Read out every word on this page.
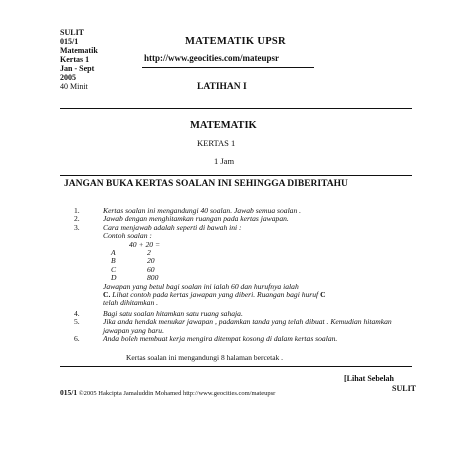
SULIT
015/1
Matematik
Kertas 1
Jan - Sept
2005
40 Minit
MATEMATIK UPSR
http://www.geocities.com/mateupsr
LATIHAN I
MATEMATIK
KERTAS 1
1 Jam
JANGAN BUKA KERTAS SOALAN INI SEHINGGA DIBERITAHU
1.	Kertas soalan ini mengandungi 40 soalan. Jawab semua soalan .
2.	Jawab dengan menghitamkan ruangan pada kertas jawapan.
3.	Cara menjawab adalah seperti di bawah ini :
Contoh soalan :
40 + 20 =
A	2
B	20
C	60
D	800
Jawapan yang betul bagi soalan ini ialah 60 dan hurufnya ialah
C. Lihat contoh pada kertas jawapan yang diberi. Ruangan bagi huruf C
telah dihitamkan .
4.	Bagi satu soalan hitamkan satu ruang sahaja.
5.	Jika anda hendak menukar jawapan , padamkan tanda yang telah dibuat . Kemudian hitamkan jawapan yang baru.
6.	Anda boleh membuat kerja mengira ditempat kosong di dalam kertas soalan.
Kertas soalan ini mengandungi 8 halaman bercetak .
[Lihat Sebelah
SULIT
015/1 ©2005 Hakcipta Jamaluddin Mohamed http://www.geocities.com/mateupsr
